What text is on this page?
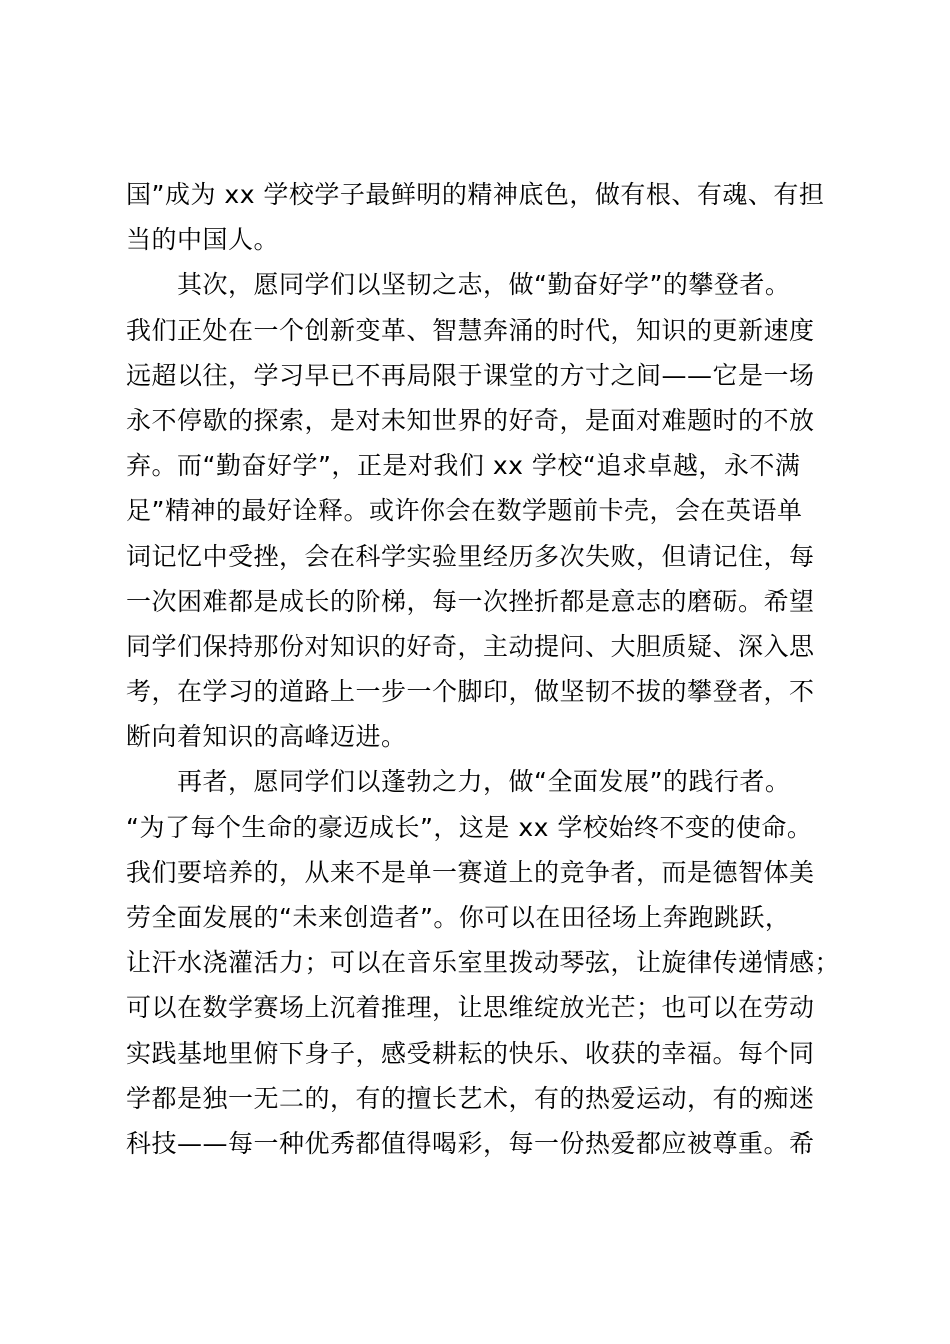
国”成为 xx 学校学子最鲜明的精神底色，做有根、有魂、有担
当的中国人。
其次，愿同学们以坚韧之志，做“勤奋好学”的攀登者。
我们正处在一个创新变革、智慧奔涌的时代，知识的更新速度
远超以往，学习早已不再局限于课堂的方寸之间——它是一场
永不停歇的探索，是对未知世界的好奇，是面对难题时的不放
弃。而“勤奋好学”，正是对我们 xx 学校“追求卓越，永不满
足”精神的最好诠释。或许你会在数学题前卡壳，会在英语单
词记忆中受挫，会在科学实验里经历多次失败，但请记住，每
一次困难都是成长的阶梯，每一次挫折都是意志的磨砺。希望
同学们保持那份对知识的好奇，主动提问、大胆质疑、深入思
考，在学习的道路上一步一个脚印，做坚韧不拔的攀登者，不
断向着知识的高峰迈进。
再者，愿同学们以蓬勃之力，做“全面发展”的践行者。
“为了每个生命的豪迈成长”，这是 xx 学校始终不变的使命。
我们要培养的，从来不是单一赛道上的竞争者，而是德智体美
劳全面发展的“未来创造者”。你可以在田径场上奔跑跳跃，
让汗水浇灌活力；可以在音乐室里拨动琴弦，让旋律传递情感；
可以在数学赛场上沉着推理，让思维绽放光芒；也可以在劳动
实践基地里俯下身子，感受耕耘的快乐、收获的幸福。每个同
学都是独一无二的，有的擅长艺术，有的热爱运动，有的痴迷
科技——每一种优秀都值得喝彩，每一份热爱都应被尊重。希
